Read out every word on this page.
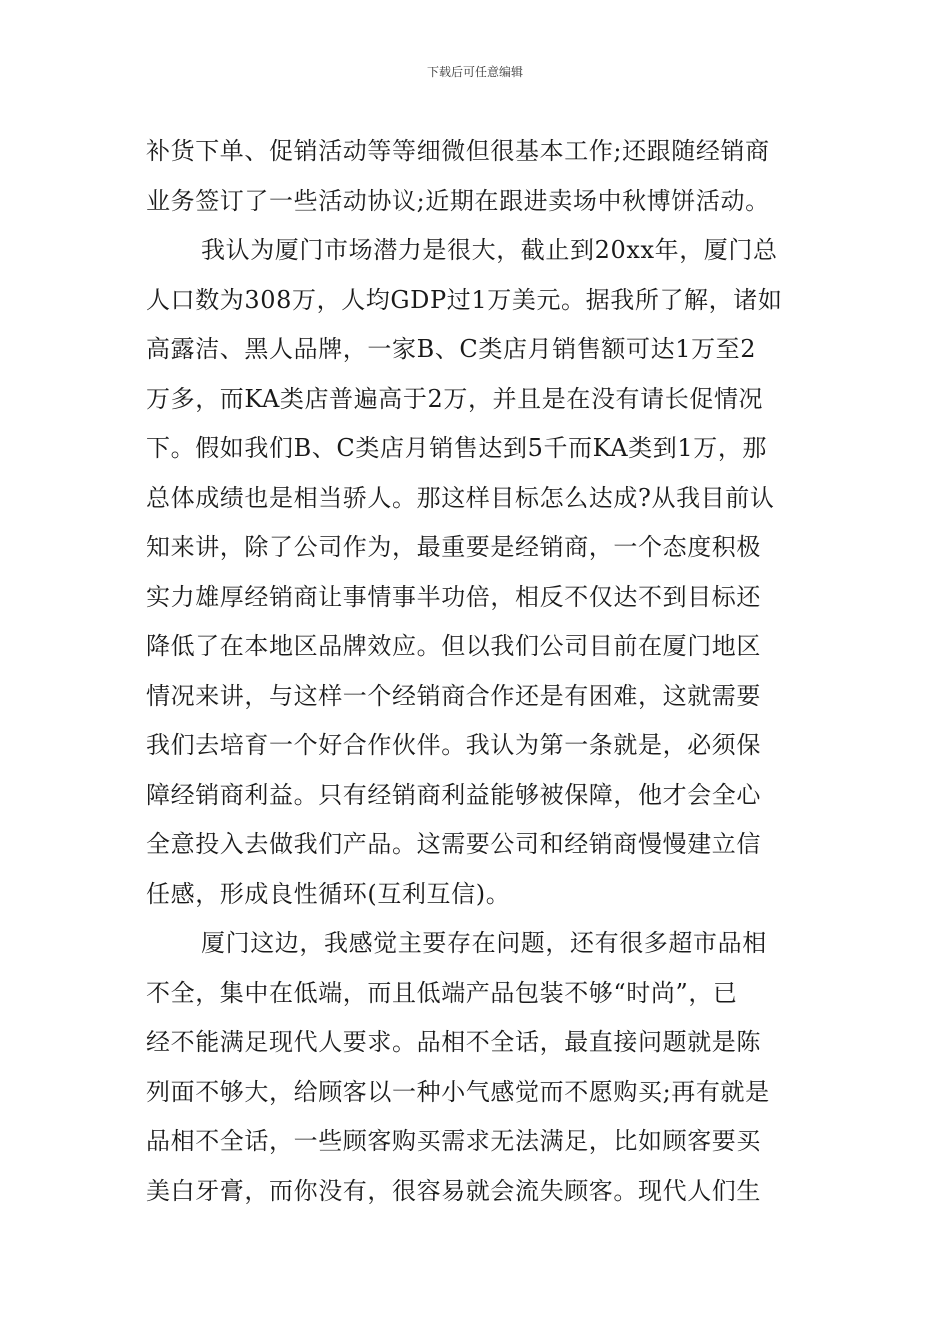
下载后可任意编辑
补货下单、促销活动等等细微但很基本工作;还跟随经销商
业务签订了一些活动协议;近期在跟进卖场中秋博饼活动。
我认为厦门市场潜力是很大，截止到20xx年，厦门总
人口数为308万，人均GDP过1万美元。据我所了解，诸如
高露洁、黑人品牌，一家B、C类店月销售额可达1万至2
万多，而KA类店普遍高于2万，并且是在没有请长促情况
下。假如我们B、C类店月销售达到5千而KA类到1万，那
总体成绩也是相当骄人。那这样目标怎么达成?从我目前认
知来讲，除了公司作为，最重要是经销商，一个态度积极
实力雄厚经销商让事情事半功倍，相反不仅达不到目标还
降低了在本地区品牌效应。但以我们公司目前在厦门地区
情况来讲，与这样一个经销商合作还是有困难，这就需要
我们去培育一个好合作伙伴。我认为第一条就是，必须保
障经销商利益。只有经销商利益能够被保障，他才会全心
全意投入去做我们产品。这需要公司和经销商慢慢建立信
任感，形成良性循环(互利互信)。
厦门这边，我感觉主要存在问题，还有很多超市品相
不全，集中在低端，而且低端产品包装不够“时尚”，已
经不能满足现代人要求。品相不全话，最直接问题就是陈
列面不够大，给顾客以一种小气感觉而不愿购买;再有就是
品相不全话，一些顾客购买需求无法满足，比如顾客要买
美白牙膏，而你没有，很容易就会流失顾客。现代人们生
